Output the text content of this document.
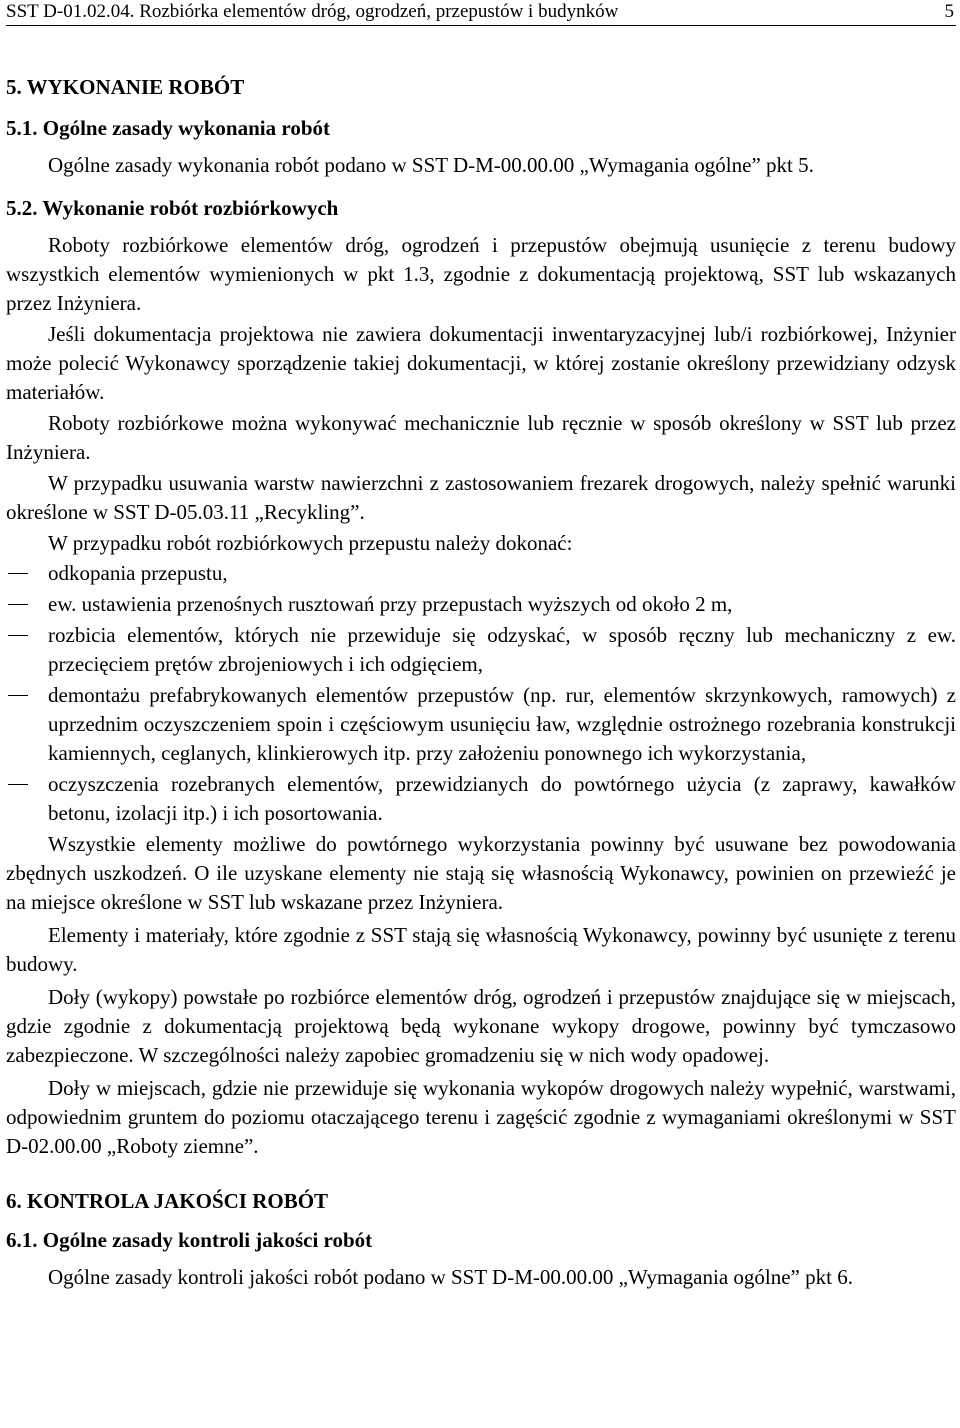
SST D-01.02.04. Rozbiórka elementów dróg, ogrodzeń, przepustów i budynków	5
5. WYKONANIE ROBÓT
5.1. Ogólne zasady wykonania robót

Ogólne zasady wykonania robót podano w SST D-M-00.00.00 „Wymagania ogólne” pkt 5.

5.2. Wykonanie robót rozbiórkowych

Roboty rozbiórkowe elementów dróg, ogrodzeń i przepustów obejmują usunięcie z terenu budowy wszystkich elementów wymienionych w pkt 1.3, zgodnie z dokumentacją projektową, SST lub wskazanych przez Inżyniera.

Jeśli dokumentacja projektowa nie zawiera dokumentacji inwentaryzacyjnej lub/i rozbiórkowej, Inżynier może polecić Wykonawcy sporządzenie takiej dokumentacji, w której zostanie określony przewidziany odzysk materiałów.

Roboty rozbiórkowe można wykonywać mechanicznie lub ręcznie w sposób określony w SST lub przez Inżyniera.

W przypadku usuwania warstw nawierzchni z zastosowaniem frezarek drogowych, należy spełnić warunki określone w SST D-05.03.11 „Recykling”.

W przypadku robót rozbiórkowych przepustu należy dokonać:

odkopania przepustu,
ew. ustawienia przenośnych rusztowań przy przepustach wyższych od około 2 m,
rozbicia elementów, których nie przewiduje się odzyskać, w sposób ręczny lub mechaniczny z ew. przecięciem prętów zbrojeniowych i ich odgięciem,
demontażu prefabrykowanych elementów przepustów (np. rur, elementów skrzynkowych, ramowych) z uprzednim oczyszczeniem spoin i częściowym usunięciu ław, względnie ostrożnego rozebrania konstrukcji kamiennych, ceglanych, klinkierowych itp. przy założeniu ponownego ich wykorzystania,
oczyszczenia rozebranych elementów, przewidzianych do powtórnego użycia (z zaprawy, kawałków betonu, izolacji itp.) i ich posortowania.

Wszystkie elementy możliwe do powtórnego wykorzystania powinny być usuwane bez powodowania zbędnych uszkodzeń. O ile uzyskane elementy nie stają się własnością Wykonawcy, powinien on przewieźć je na miejsce określone w SST lub wskazane przez Inżyniera.

Elementy i materiały, które zgodnie z SST stają się własnością Wykonawcy, powinny być usunięte z terenu budowy.

Doły (wykopy) powstałe po rozbiórce elementów dróg, ogrodzeń i przepustów znajdujące się w miejscach, gdzie zgodnie z dokumentacją projektową będą wykonane wykopy drogowe, powinny być tymczasowo zabezpieczone. W szczególności należy zapobiec gromadzeniu się w nich wody opadowej.

Doły w miejscach, gdzie nie przewiduje się wykonania wykopów drogowych należy wypełnić, warstwami, odpowiednim gruntem do poziomu otaczającego terenu i zagęścić zgodnie z wymaganiami określonymi w SST D-02.00.00 „Roboty ziemne”.

6. KONTROLA JAKOŚCI ROBÓT
6.1. Ogólne zasady kontroli jakości robót

Ogólne zasady kontroli jakości robót podano w SST D-M-00.00.00 „Wymagania ogólne” pkt 6.
